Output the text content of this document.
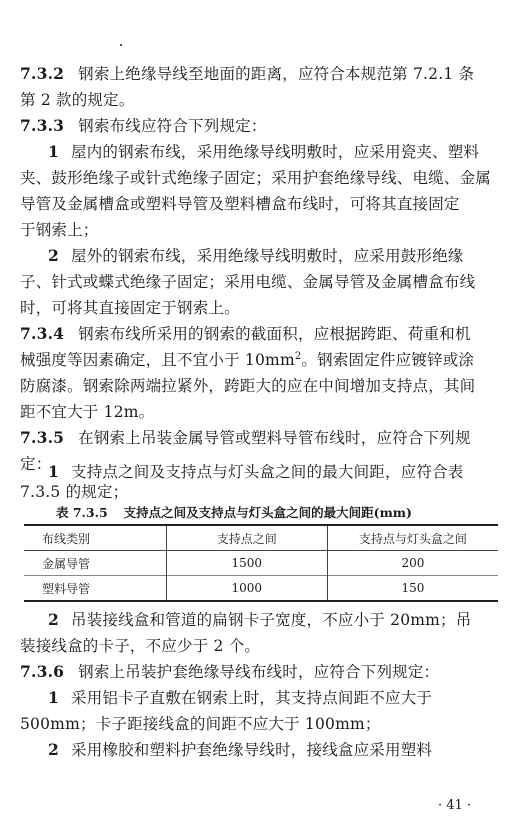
7.3.2 钢索上绝缘导线至地面的距离，应符合本规范第 7.2.1 条
第 2 款的规定。
7.3.3 钢索布线应符合下列规定：
1 屋内的钢索布线，采用绝缘导线明敷时，应采用瓷夹、塑料
夹、鼓形绝缘子或针式绝缘子固定；采用护套绝缘导线、电缆、金属
导管及金属槽盒或塑料导管及塑料槽盒布线时，可将其直接固定
于钢索上；
2 屋外的钢索布线，采用绝缘导线明敷时，应采用鼓形绝缘
子、针式或蝶式绝缘子固定；采用电缆、金属导管及金属槽盒布线
时，可将其直接固定于钢索上。
7.3.4 钢索布线所采用的钢索的截面积，应根据跨距、荷重和机
械强度等因素确定，且不宜小于 $10mm^2$。钢索固定件应镀锌或涂
防腐漆。钢索除两端拉紧外，跨距大的应在中间增加支持点，其间
距不宜大于 12m。
7.3.5 在钢索上吊装金属导管或塑料导管布线时，应符合下列规
定：
1 支持点之间及支持点与灯头盒之间的最大间距，应符合表
7.3.5 的规定；
表 7.3.5 支持点之间及支持点与灯头盒之间的最大间距(mm)
布线类别	支持点之间	支持点与灯头盒之间
金属导管	1500	200
塑料导管	1000	150
2 吊装接线盒和管道的扁钢卡子宽度，不应小于 20mm；吊
装接线盒的卡子，不应少于 2 个。
7.3.6 钢索上吊装护套绝缘导线布线时，应符合下列规定：
1 采用铝卡子直敷在钢索上时，其支持点间距不应大于
500mm；卡子距接线盒的间距不应大于 100mm；
2 采用橡胶和塑料护套绝缘导线时，接线盒应采用塑料
· 41 ·
